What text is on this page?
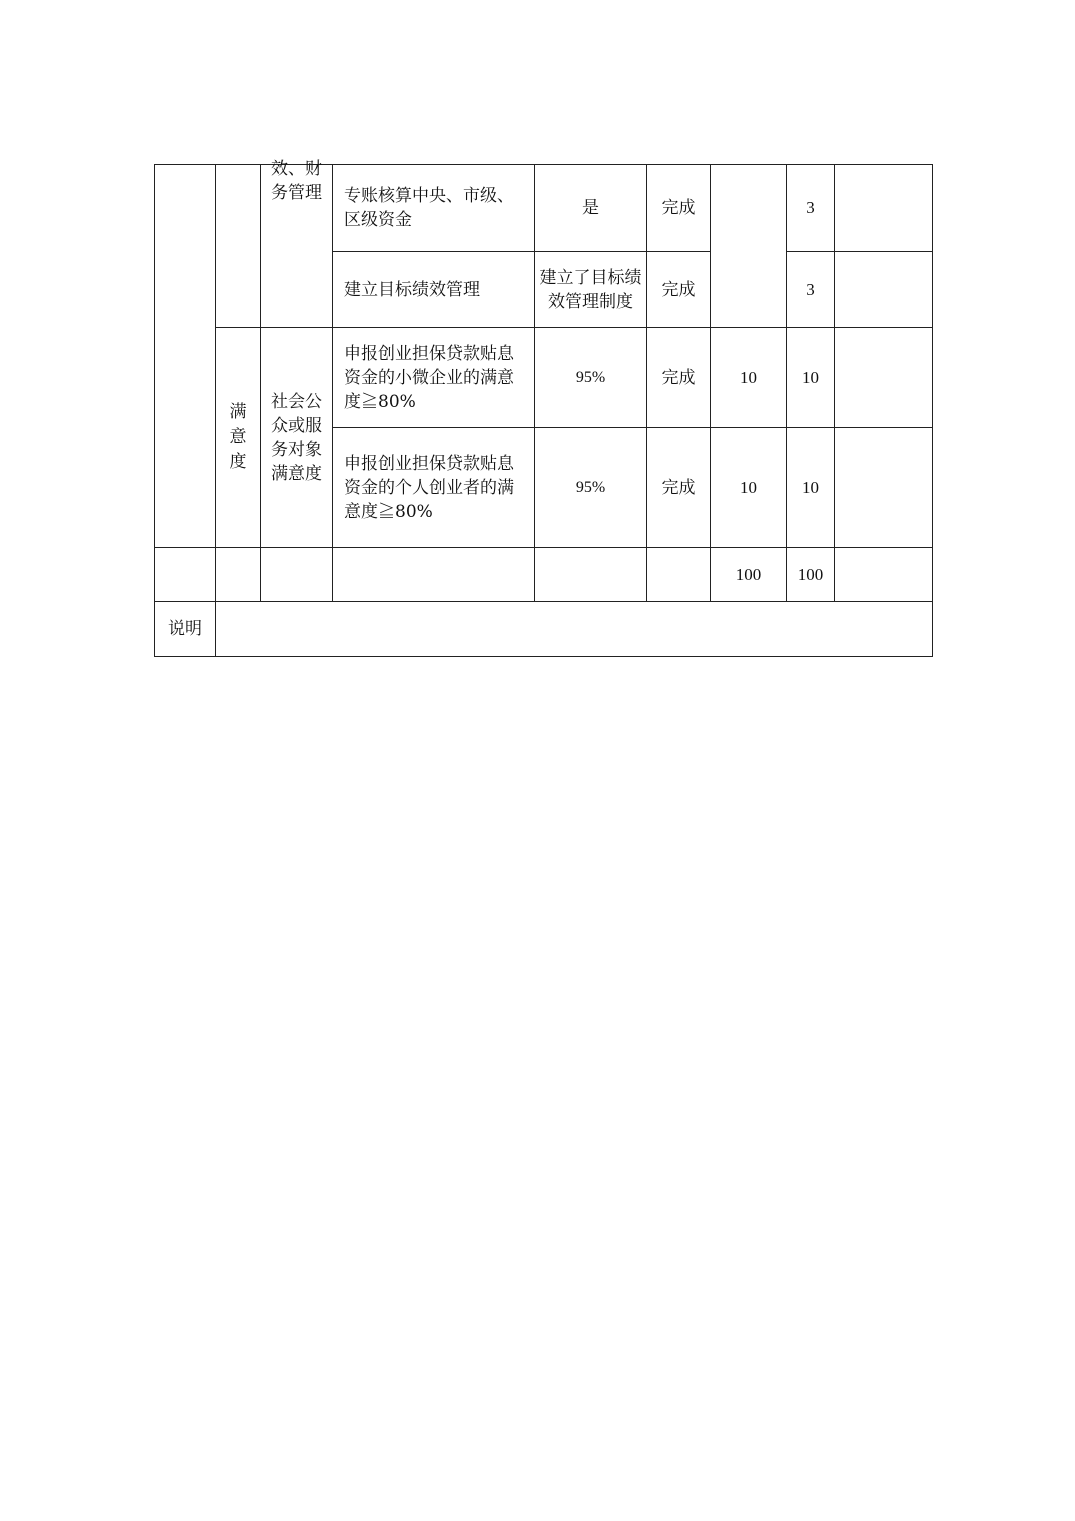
		效、财务管理	专账核算中央、市级、区级资金	是	完成		3	
			建立目标绩效管理	建立了目标绩效管理制度	完成		3	
	满意度	社会公众或服务对象满意度	申报创业担保贷款贴息资金的小微企业的满意度≧80%	95%	完成	10	10	
			申报创业担保贷款贴息资金的个人创业者的满意度≧80%	95%	完成	10	10	
						100	100	
说明								
